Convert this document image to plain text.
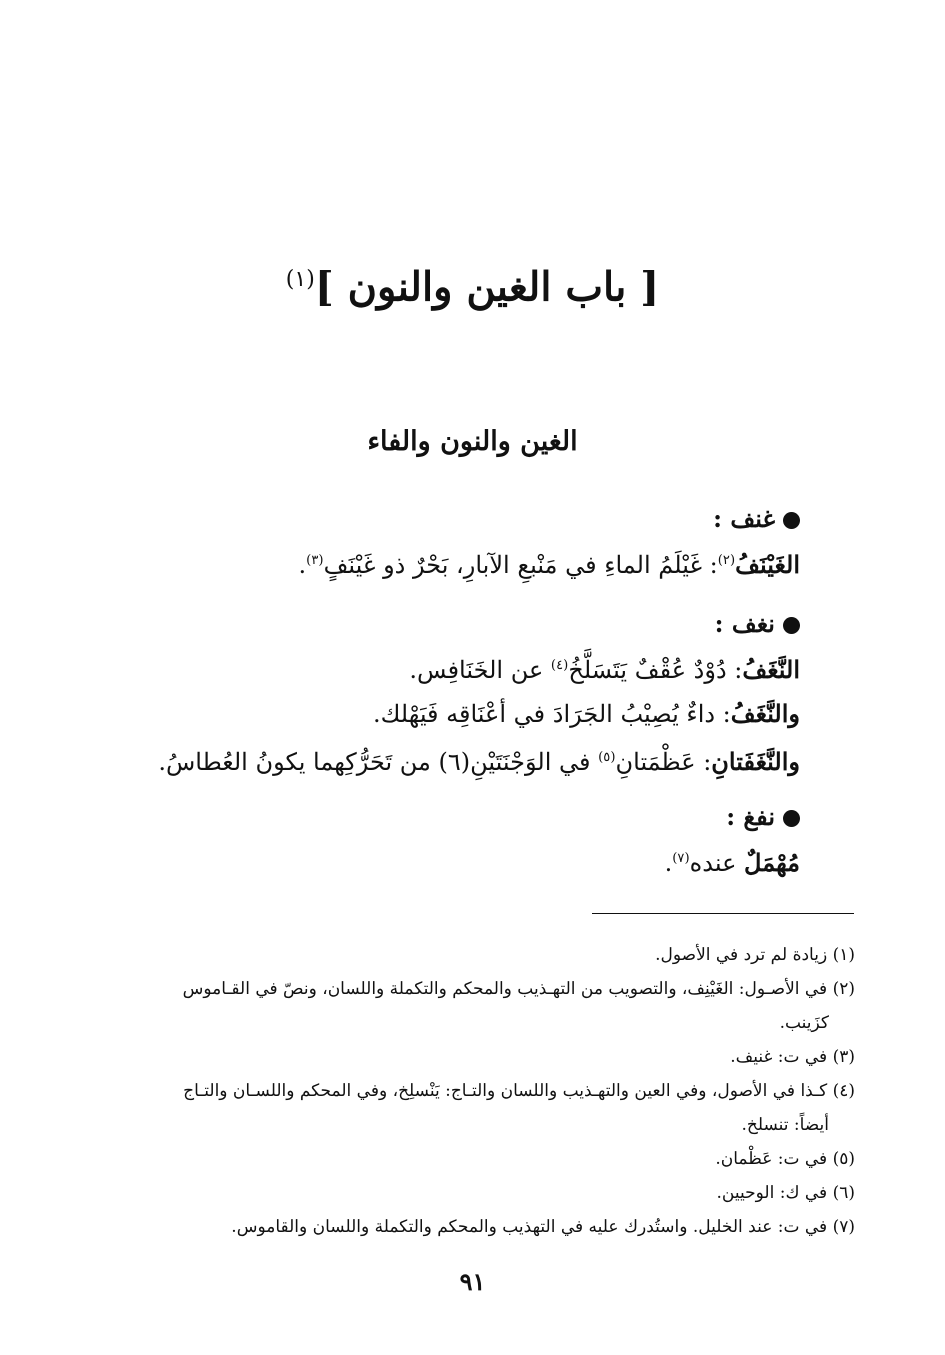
[ باب الغين والنون ]$^{(١)}$
الغين والنون والفاء
غنف :
الغَيْنَفُ$^{(٢)}$: غَيْلَمُ الماءِ في مَنْبعِ الآبارِ، بَحْرٌ ذو غَيْنَفٍ$^{(٣)}$.
نغف :
النَّغَفُ: دُوْدٌ عُقْفٌ يَتَسَلَّخُ$^{(٤)}$ عن الخَنَافِس.
والنَّغَفُ: داءٌ يُصِيْبُ الجَرَادَ في أعْنَاقِه فَيَهْلك.
والنَّغَفَتانِ: عَظْمَتانِ$^{(٥)}$ في الوَجْنَتَيْنِ(٦) من تَحَرُّكِهما يكونُ العُطاسُ.
نفغ :
مُهْمَلٌ عنده$^{(٧)}$.

(١) زيادة لم ترد في الأصول.

(٢) في الأصـول: الغَيْنِف، والتصويب من التهـذيب والمحكم والتكملة واللسان، ونصّ في القـاموس

كزَينب.

(٣) في ت: غنيف.

(٤) كـذا في الأصول، وفي العين والتهـذيب واللسان والتـاج: يَنْسلِخ، وفي المحكم واللسـان والتـاج

أيضاً: تنسلخ.

(٥) في ت: عَظْمان.

(٦) في ك: الوحيين.

(٧) في ت: عند الخليل. واستُدرك عليه في التهذيب والمحكم والتكملة واللسان والقاموس.

٩١
